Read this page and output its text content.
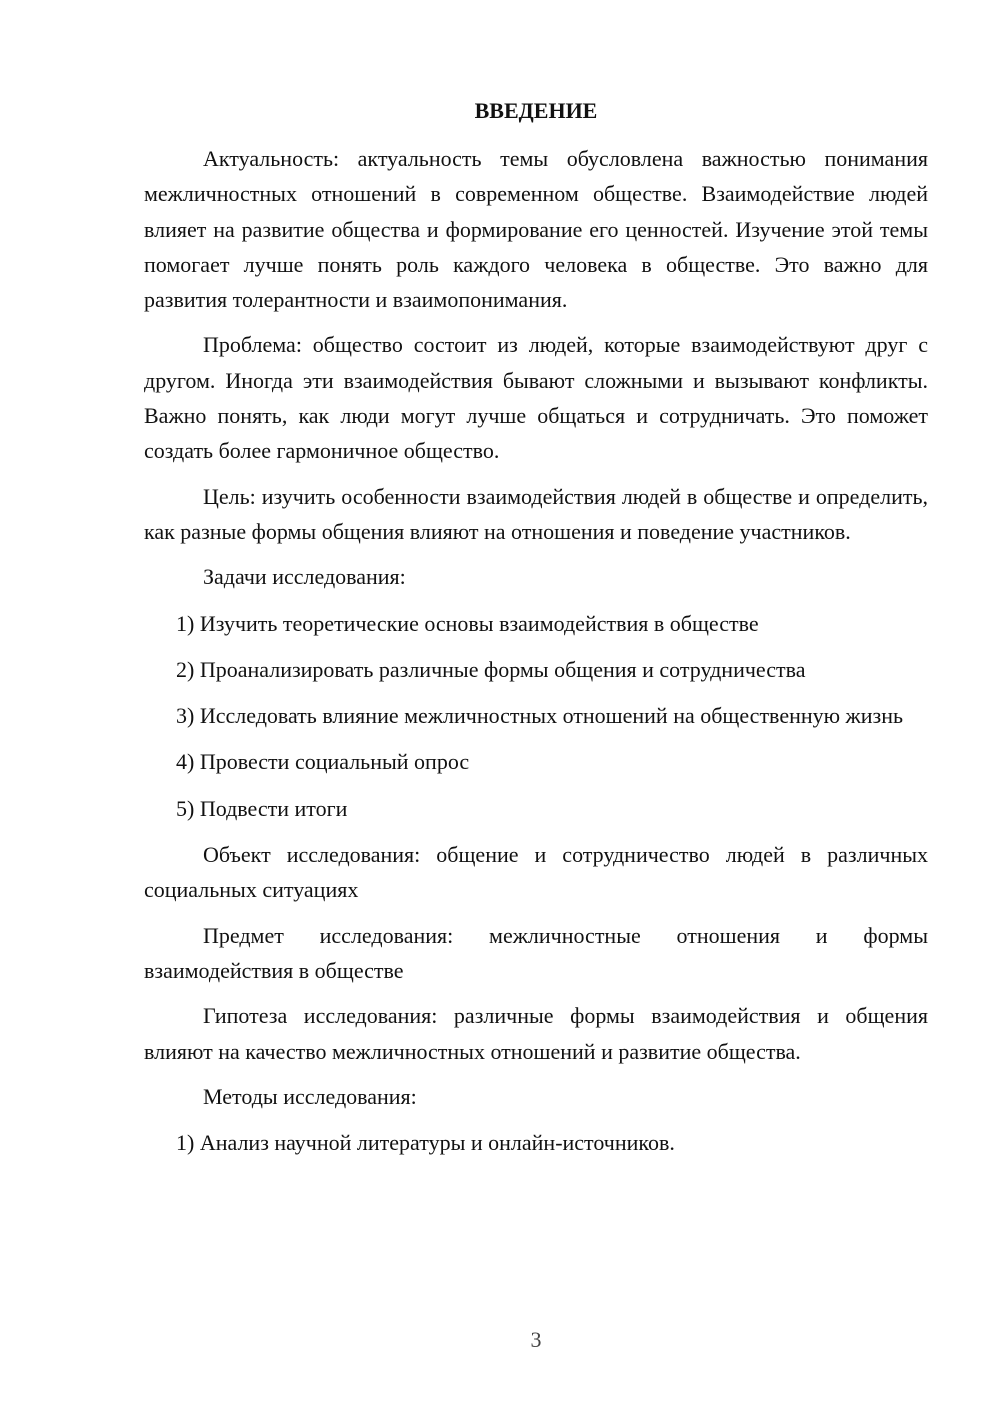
ВВЕДЕНИЕ

Актуальность: актуальность темы обусловлена важностью понимания межличностных отношений в современном обществе. Взаимодействие людей влияет на развитие общества и формирование его ценностей. Изучение этой темы помогает лучше понять роль каждого человека в обществе. Это важно для развития толерантности и взаимопонимания.

Проблема: общество состоит из людей, которые взаимодействуют друг с другом. Иногда эти взаимодействия бывают сложными и вызывают конфликты. Важно понять, как люди могут лучше общаться и сотрудничать. Это поможет создать более гармоничное общество.

Цель: изучить особенности взаимодействия людей в обществе и определить, как разные формы общения влияют на отношения и поведение участников.

Задачи исследования:

1) Изучить теоретические основы взаимодействия в обществе

2) Проанализировать различные формы общения и сотрудничества

3) Исследовать влияние межличностных отношений на общественную жизнь

4) Провести социальный опрос

5) Подвести итоги

Объект исследования: общение и сотрудничество людей в различных социальных ситуациях

Предмет исследования: межличностные отношения и формы взаимодействия в обществе

Гипотеза исследования: различные формы взаимодействия и общения влияют на качество межличностных отношений и развитие общества.

Методы исследования:

1) Анализ научной литературы и онлайн-источников.

3
